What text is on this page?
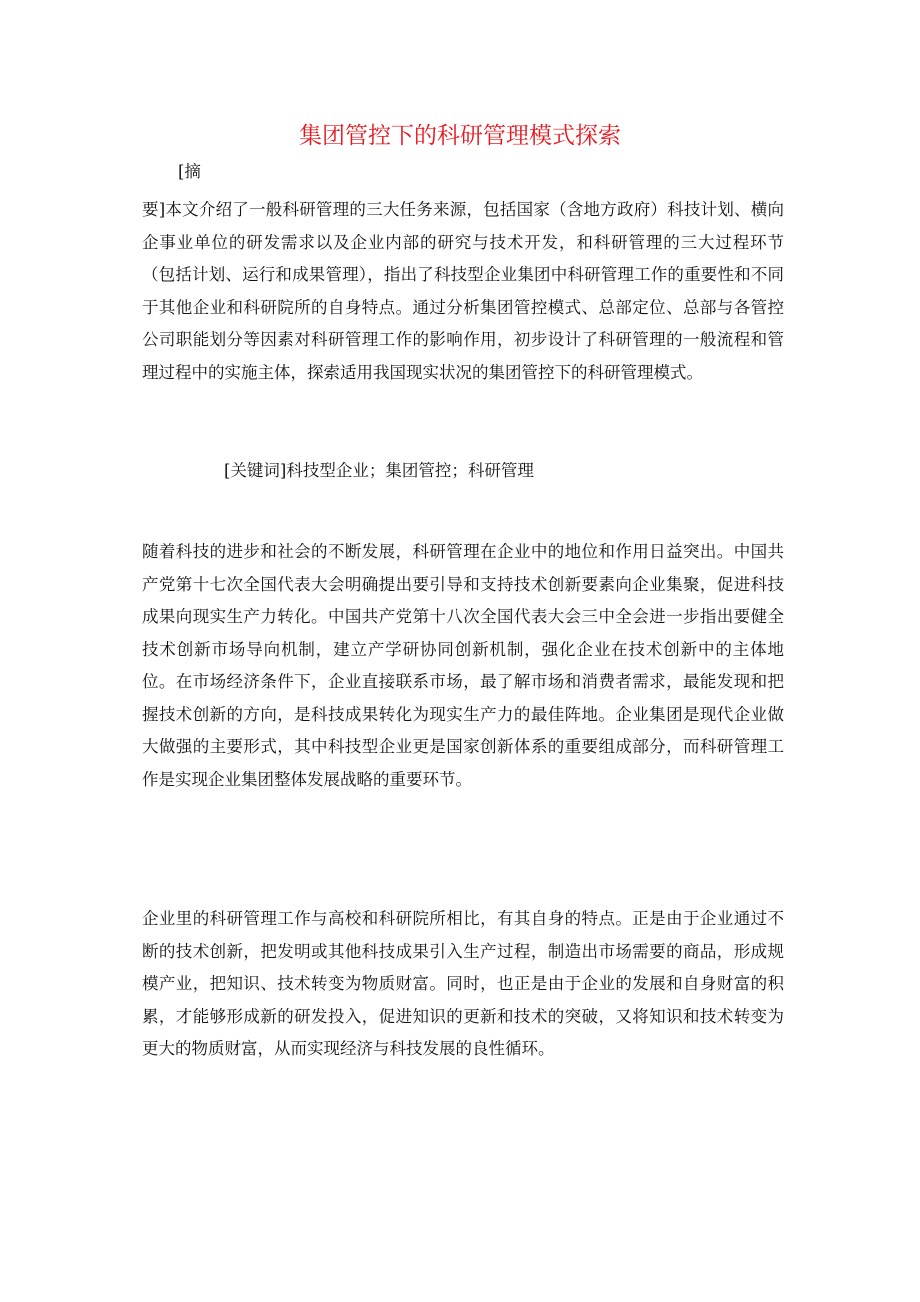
集团管控下的科研管理模式探索

[摘

要]本文介绍了一般科研管理的三大任务来源，包括国家（含地方政府）科技计划、横向企事业单位的研发需求以及企业内部的研究与技术开发，和科研管理的三大过程环节（包括计划、运行和成果管理），指出了科技型企业集团中科研管理工作的重要性和不同于其他企业和科研院所的自身特点。通过分析集团管控模式、总部定位、总部与各管控公司职能划分等因素对科研管理工作的影响作用，初步设计了科研管理的一般流程和管理过程中的实施主体，探索适用我国现实状况的集团管控下的科研管理模式。

[关键词]科技型企业；集团管控；科研管理

随着科技的进步和社会的不断发展，科研管理在企业中的地位和作用日益突出。中国共产党第十七次全国代表大会明确提出要引导和支持技术创新要素向企业集聚，促进科技成果向现实生产力转化。中国共产党第十八次全国代表大会三中全会进一步指出要健全技术创新市场导向机制，建立产学研协同创新机制，强化企业在技术创新中的主体地位。在市场经济条件下，企业直接联系市场，最了解市场和消费者需求，最能发现和把握技术创新的方向，是科技成果转化为现实生产力的最佳阵地。企业集团是现代企业做大做强的主要形式，其中科技型企业更是国家创新体系的重要组成部分，而科研管理工作是实现企业集团整体发展战略的重要环节。

企业里的科研管理工作与高校和科研院所相比，有其自身的特点。正是由于企业通过不断的技术创新，把发明或其他科技成果引入生产过程，制造出市场需要的商品，形成规模产业，把知识、技术转变为物质财富。同时，也正是由于企业的发展和自身财富的积累，才能够形成新的研发投入，促进知识的更新和技术的突破，又将知识和技术转变为更大的物质财富，从而实现经济与科技发展的良性循环。
